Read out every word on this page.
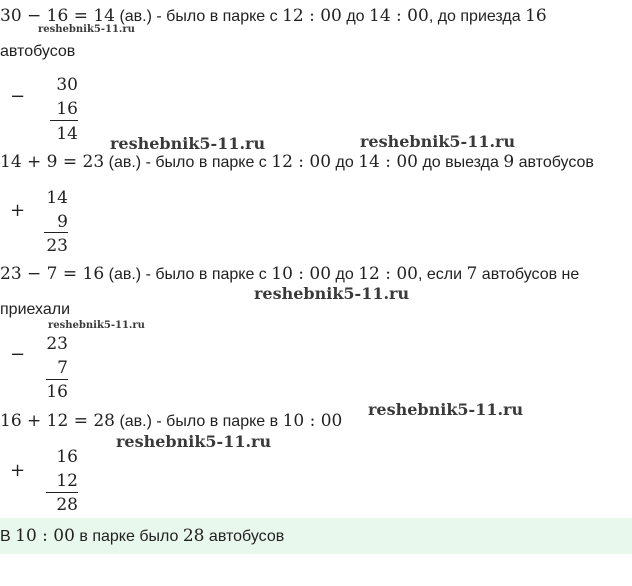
30 − 16 = 14 (ав.) - было в парке с 12 : 00 до 14 : 00, до приезда 16
автобусов
−
30
16
14
14 + 9 = 23 (ав.) - было в парке с 12 : 00 до 14 : 00 до выезда 9 автобусов
+
14
9
23
23 − 7 = 16 (ав.) - было в парке с 10 : 00 до 12 : 00, если 7 автобусов не
приехали
−	23
7
16
16 + 12 = 28 (ав.) - было в парке в 10 : 00
+
16
12
28
В 10 : 00 в парке было 28 автобусов
reshebnik5-11.ru
reshebnik5-11.ru	reshebnik5-11.ru
reshebnik5-11.ru
reshebnik5-11.ru
reshebnik5-11.ru
reshebnik5-11.ru
